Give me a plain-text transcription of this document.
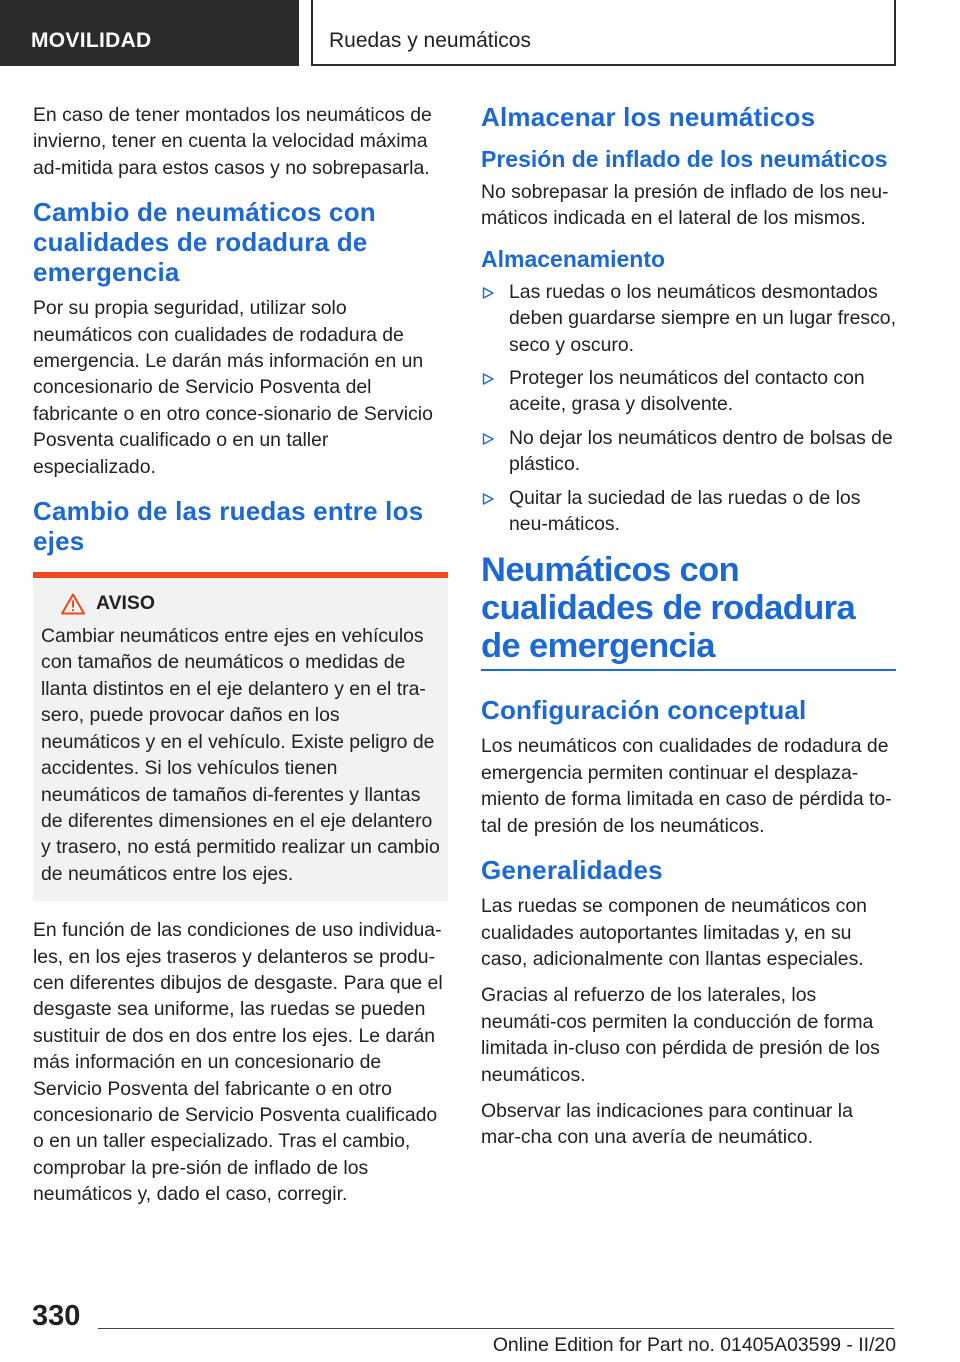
MOVILIDAD	Ruedas y neumáticos

En caso de tener montados los neumáticos de invierno, tener en cuenta la velocidad máxima ad‐mitida para estos casos y no sobrepasarla.

Cambio de neumáticos con cualidades de rodadura de emergencia

Por su propia seguridad, utilizar solo neumáticos con cualidades de rodadura de emergencia. Le darán más información en un concesionario de Servicio Posventa del fabricante o en otro conce‐sionario de Servicio Posventa cualificado o en un taller especializado.

Cambio de las ruedas entre los ejes
AVISO

Cambiar neumáticos entre ejes en vehículos con tamaños de neumáticos o medidas de llanta distintos en el eje delantero y en el tra‐sero, puede provocar daños en los neumáticos y en el vehículo. Existe peligro de accidentes. Si los vehículos tienen neumáticos de tamaños di‐ferentes y llantas de diferentes dimensiones en el eje delantero y trasero, no está permitido realizar un cambio de neumáticos entre los ejes.

En función de las condiciones de uso individua‐les, en los ejes traseros y delanteros se produ‐cen diferentes dibujos de desgaste. Para que el desgaste sea uniforme, las ruedas se pueden sustituir de dos en dos entre los ejes. Le darán más información en un concesionario de Servicio Posventa del fabricante o en otro concesionario de Servicio Posventa cualificado o en un taller especializado. Tras el cambio, comprobar la pre‐sión de inflado de los neumáticos y, dado el caso, corregir.

Almacenar los neumáticos
Presión de inflado de los neumáticos

No sobrepasar la presión de inflado de los neu‐máticos indicada en el lateral de los mismos.

Almacenamiento
Las ruedas o los neumáticos desmontados deben guardarse siempre en un lugar fresco, seco y oscuro.
Proteger los neumáticos del contacto con aceite, grasa y disolvente.
No dejar los neumáticos dentro de bolsas de plástico.
Quitar la suciedad de las ruedas o de los neu‐máticos.
Neumáticos con cualidades de rodadura de emergencia
Configuración conceptual

Los neumáticos con cualidades de rodadura de emergencia permiten continuar el desplaza‐miento de forma limitada en caso de pérdida to‐tal de presión de los neumáticos.

Generalidades

Las ruedas se componen de neumáticos con cualidades autoportantes limitadas y, en su caso, adicionalmente con llantas especiales.

Gracias al refuerzo de los laterales, los neumáti‐cos permiten la conducción de forma limitada in‐cluso con pérdida de presión de los neumáticos.

Observar las indicaciones para continuar la mar‐cha con una avería de neumático.

330
Online Edition for Part no. 01405A03599 - II/20
